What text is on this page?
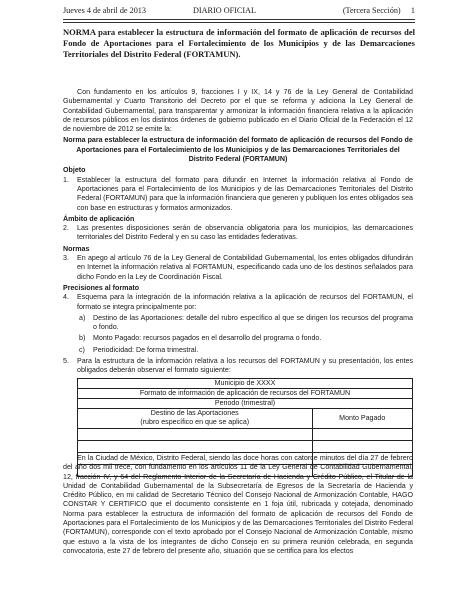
Jueves 4 de abril de 2013	DIARIO OFICIAL	(Tercera Sección) 1

NORMA para establecer la estructura de información del formato de aplicación de recursos del Fondo de Aportaciones para el Fortalecimiento de los Municipios y de las Demarcaciones Territoriales del Distrito Federal (FORTAMUN).

Con fundamento en los artículos 9, fracciones I y IX, 14 y 76 de la Ley General de Contabilidad Gubernamental y Cuarto Transitorio del Decreto por el que se reforma y adiciona la Ley General de Contabilidad Gubernamental, para transparentar y armonizar la información financiera relativa a la aplicación de recursos públicos en los distintos órdenes de gobierno publicado en el Diario Oficial de la Federación el 12 de noviembre de 2012 se emite la:

Norma para establecer la estructura de información del formato de aplicación de recursos del Fondo de Aportaciones para el Fortalecimiento de los Municipios y de las Demarcaciones Territoriales del Distrito Federal (FORTAMUN)

Objeto

1. Establecer la estructura del formato para difundir en Internet la información relativa al Fondo de Aportaciones para el Fortalecimiento de los Municipios y de las Demarcaciones Territoriales del Distrito Federal (FORTAMUN) para que la información financiera que generen y publiquen los entes obligados sea con base en estructuras y formatos armonizados.

Ámbito de aplicación

2. Las presentes disposiciones serán de observancia obligatoria para los municipios, las demarcaciones territoriales del Distrito Federal y en su caso las entidades federativas.

Normas

3. En apego al artículo 76 de la Ley General de Contabilidad Gubernamental, los entes obligados difundirán en Internet la información relativa al FORTAMUN, especificando cada uno de los destinos señalados para dicho Fondo en la Ley de Coordinación Fiscal.

Precisiones al formato

4. Esquema para la integración de la información relativa a la aplicación de recursos del FORTAMUN, el formato se integra principalmente por:

a) Destino de las Aportaciones: detalle del rubro específico al que se dirigen los recursos del programa o fondo.

b) Monto Pagado: recursos pagados en el desarrollo del programa o fondo.

c) Periodicidad: De forma trimestral.

5. Para la estructura de la información relativa a los recursos del FORTAMUN y su presentación, los entes obligados deberán observar el formato siguiente:

Municipio de XXXX	
Formato de información de aplicación de recursos del FORTAMUN	
Periodo (trimestral)	
Destino de las Aportaciones
(rubro específico en que se aplica)	Monto Pagado

En la Ciudad de México, Distrito Federal, siendo las doce horas con catorce minutos del día 27 de febrero del año dos mil trece, con fundamento en los artículos 11 de la Ley General de Contabilidad Gubernamental, 12, fracción IV, y 64 del Reglamento Interior de la Secretaría de Hacienda y Crédito Público, el Titular de la Unidad de Contabilidad Gubernamental de la Subsecretaría de Egresos de la Secretaría de Hacienda y Crédito Público, en mi calidad de Secretario Técnico del Consejo Nacional de Armonización Contable, HAGO CONSTAR Y CERTIFICO que el documento consistente en 1 foja útil, rubricada y cotejada, denominado Norma para establecer la estructura de información del formato de aplicación de recursos del Fondo de Aportaciones para el Fortalecimiento de los Municipios y de las Demarcaciones Territoriales del Distrito Federal (FORTAMUN), corresponde con el texto aprobado por el Consejo Nacional de Armonización Contable, mismo que estuvo a la vista de los integrantes de dicho Consejo en su primera reunión celebrada, en segunda convocatoria, este 27 de febrero del presente año, situación que se certifica para los efectos
